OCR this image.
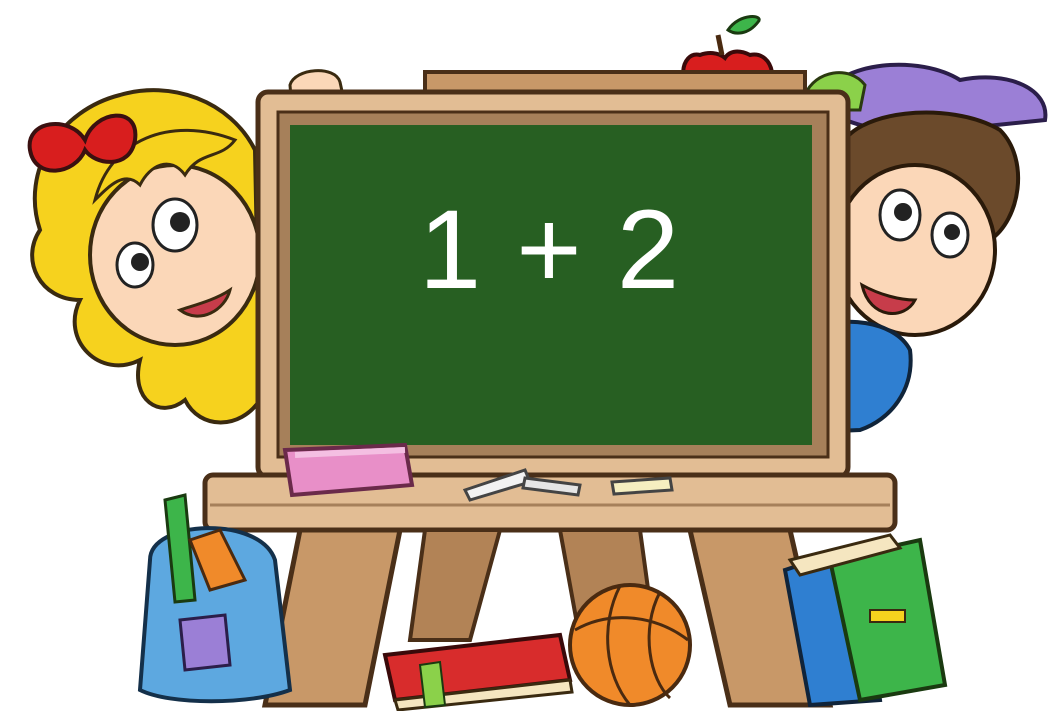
1 + 2
